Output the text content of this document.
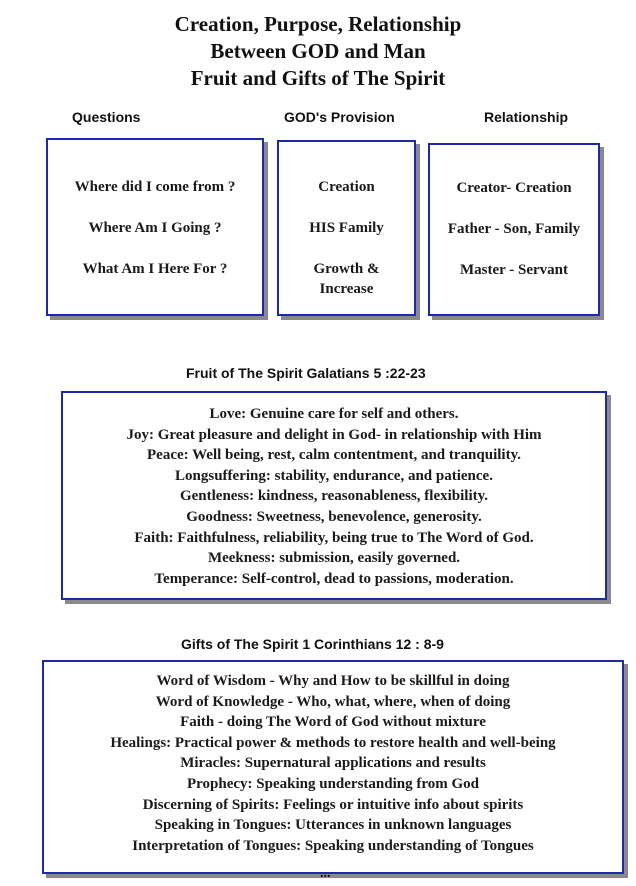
Creation, Purpose, Relationship
Between GOD and Man
Fruit and Gifts of The Spirit
Questions	GOD's Provision	Relationship
Where did I come from ?
Where Am I Going ?
What Am I Here For ?
Creation
HIS Family
Growth &
Increase
Creator- Creation
Father - Son, Family
Master - Servant
Fruit of The Spirit Galatians 5 :22-23
Love: Genuine care for self and others.
Joy: Great pleasure and delight in God- in relationship with Him
Peace: Well being, rest, calm contentment, and tranquility.
Longsuffering: stability, endurance, and patience.
Gentleness: kindness, reasonableness, flexibility.
Goodness: Sweetness, benevolence, generosity.
Faith: Faithfulness, reliability, being true to The Word of God.
Meekness: submission, easily governed.
Temperance: Self-control, dead to passions, moderation.
Gifts of The Spirit 1 Corinthians 12 : 8-9
Word of Wisdom - Why and How to be skillful in doing
Word of Knowledge - Who, what, where, when of doing
Faith - doing The Word of God without mixture
Healings: Practical power & methods to restore health and well-being
Miracles: Supernatural applications and results
Prophecy: Speaking understanding from God
Discerning of Spirits: Feelings or intuitive info about spirits
Speaking in Tongues: Utterances in unknown languages
Interpretation of Tongues: Speaking understanding of Tongues
...
